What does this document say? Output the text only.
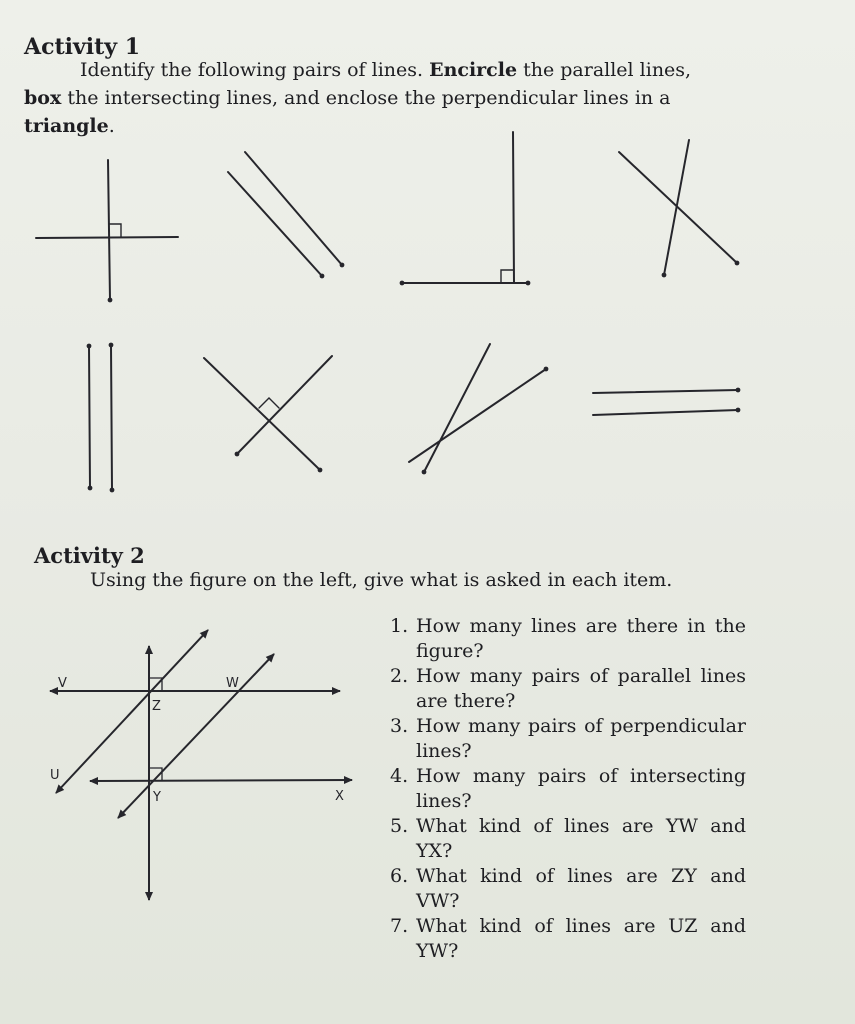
Activity 1
Identify the following pairs of lines. Encircle the parallel lines,
box the intersecting lines, and enclose the perpendicular lines in a
triangle.
Activity 2
Using the figure on the left, give what is asked in each item.
V	W
Z
U
Y	X
1. How many lines are there in the figure?
2. How many pairs of parallel lines are there?
3. How many pairs of perpendicular lines?
4. How many pairs of intersecting lines?
5. What kind of lines are YW and YX?
6. What kind of lines are ZY and VW?
7. What kind of lines are UZ and YW?
